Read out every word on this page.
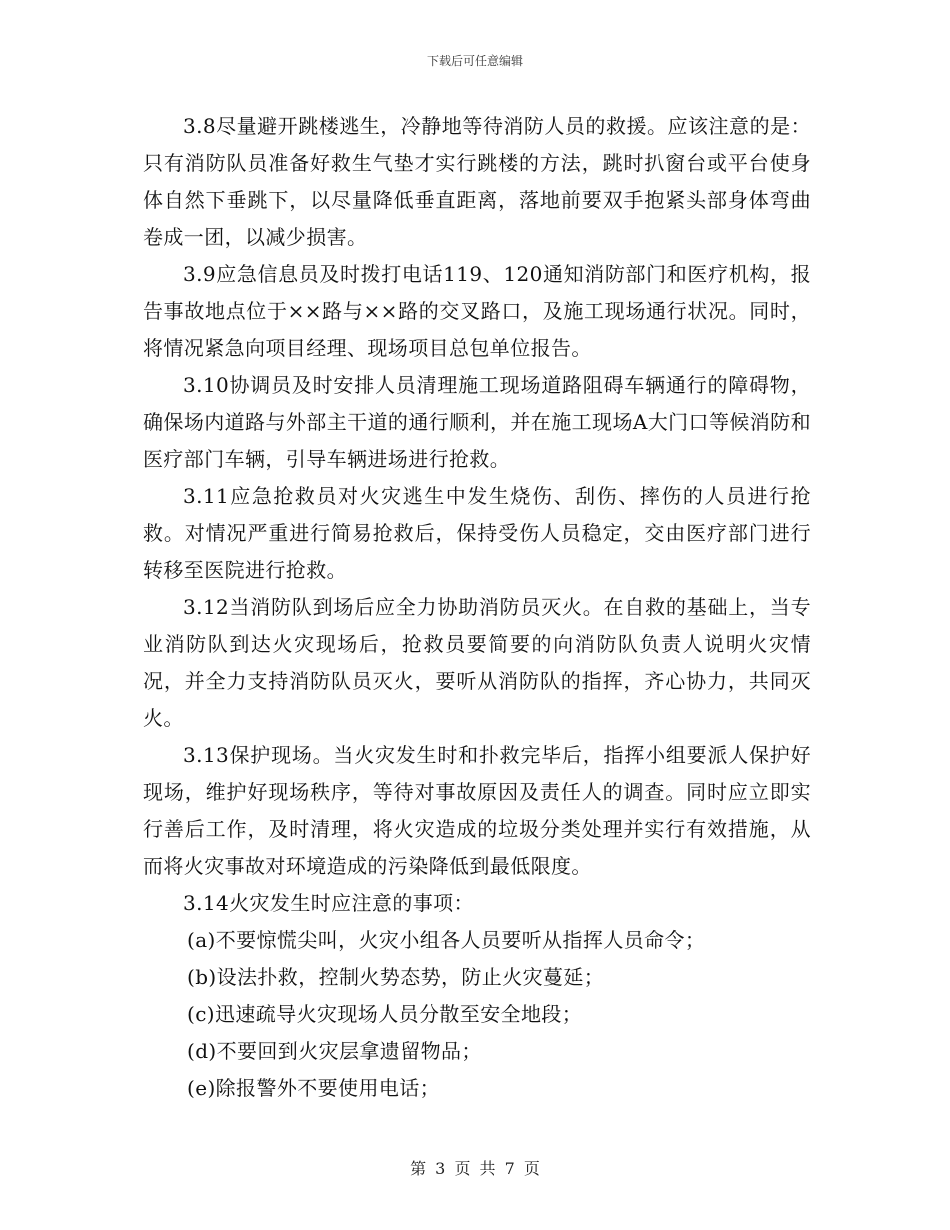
下载后可任意编辑

3.8尽量避开跳楼逃生，冷静地等待消防人员的救援。应该注意的是：只有消防队员准备好救生气垫才实行跳楼的方法，跳时扒窗台或平台使身体自然下垂跳下，以尽量降低垂直距离，落地前要双手抱紧头部身体弯曲卷成一团，以减少损害。

3.9应急信息员及时拨打电话119、120通知消防部门和医疗机构，报告事故地点位于××路与××路的交叉路口，及施工现场通行状况。同时，将情况紧急向项目经理、现场项目总包单位报告。

3.10协调员及时安排人员清理施工现场道路阻碍车辆通行的障碍物，确保场内道路与外部主干道的通行顺利，并在施工现场A大门口等候消防和医疗部门车辆，引导车辆进场进行抢救。

3.11应急抢救员对火灾逃生中发生烧伤、刮伤、摔伤的人员进行抢救。对情况严重进行简易抢救后，保持受伤人员稳定，交由医疗部门进行转移至医院进行抢救。

3.12当消防队到场后应全力协助消防员灭火。在自救的基础上，当专业消防队到达火灾现场后，抢救员要简要的向消防队负责人说明火灾情况，并全力支持消防队员灭火，要听从消防队的指挥，齐心协力，共同灭火。

3.13保护现场。当火灾发生时和扑救完毕后，指挥小组要派人保护好现场，维护好现场秩序，等待对事故原因及责任人的调查。同时应立即实行善后工作，及时清理，将火灾造成的垃圾分类处理并实行有效措施，从而将火灾事故对环境造成的污染降低到最低限度。

3.14火灾发生时应注意的事项：

(a)不要惊慌尖叫，火灾小组各人员要听从指挥人员命令；

(b)设法扑救，控制火势态势，防止火灾蔓延；

(c)迅速疏导火灾现场人员分散至安全地段；

(d)不要回到火灾层拿遗留物品；

(e)除报警外不要使用电话；

第 3 页 共 7 页
